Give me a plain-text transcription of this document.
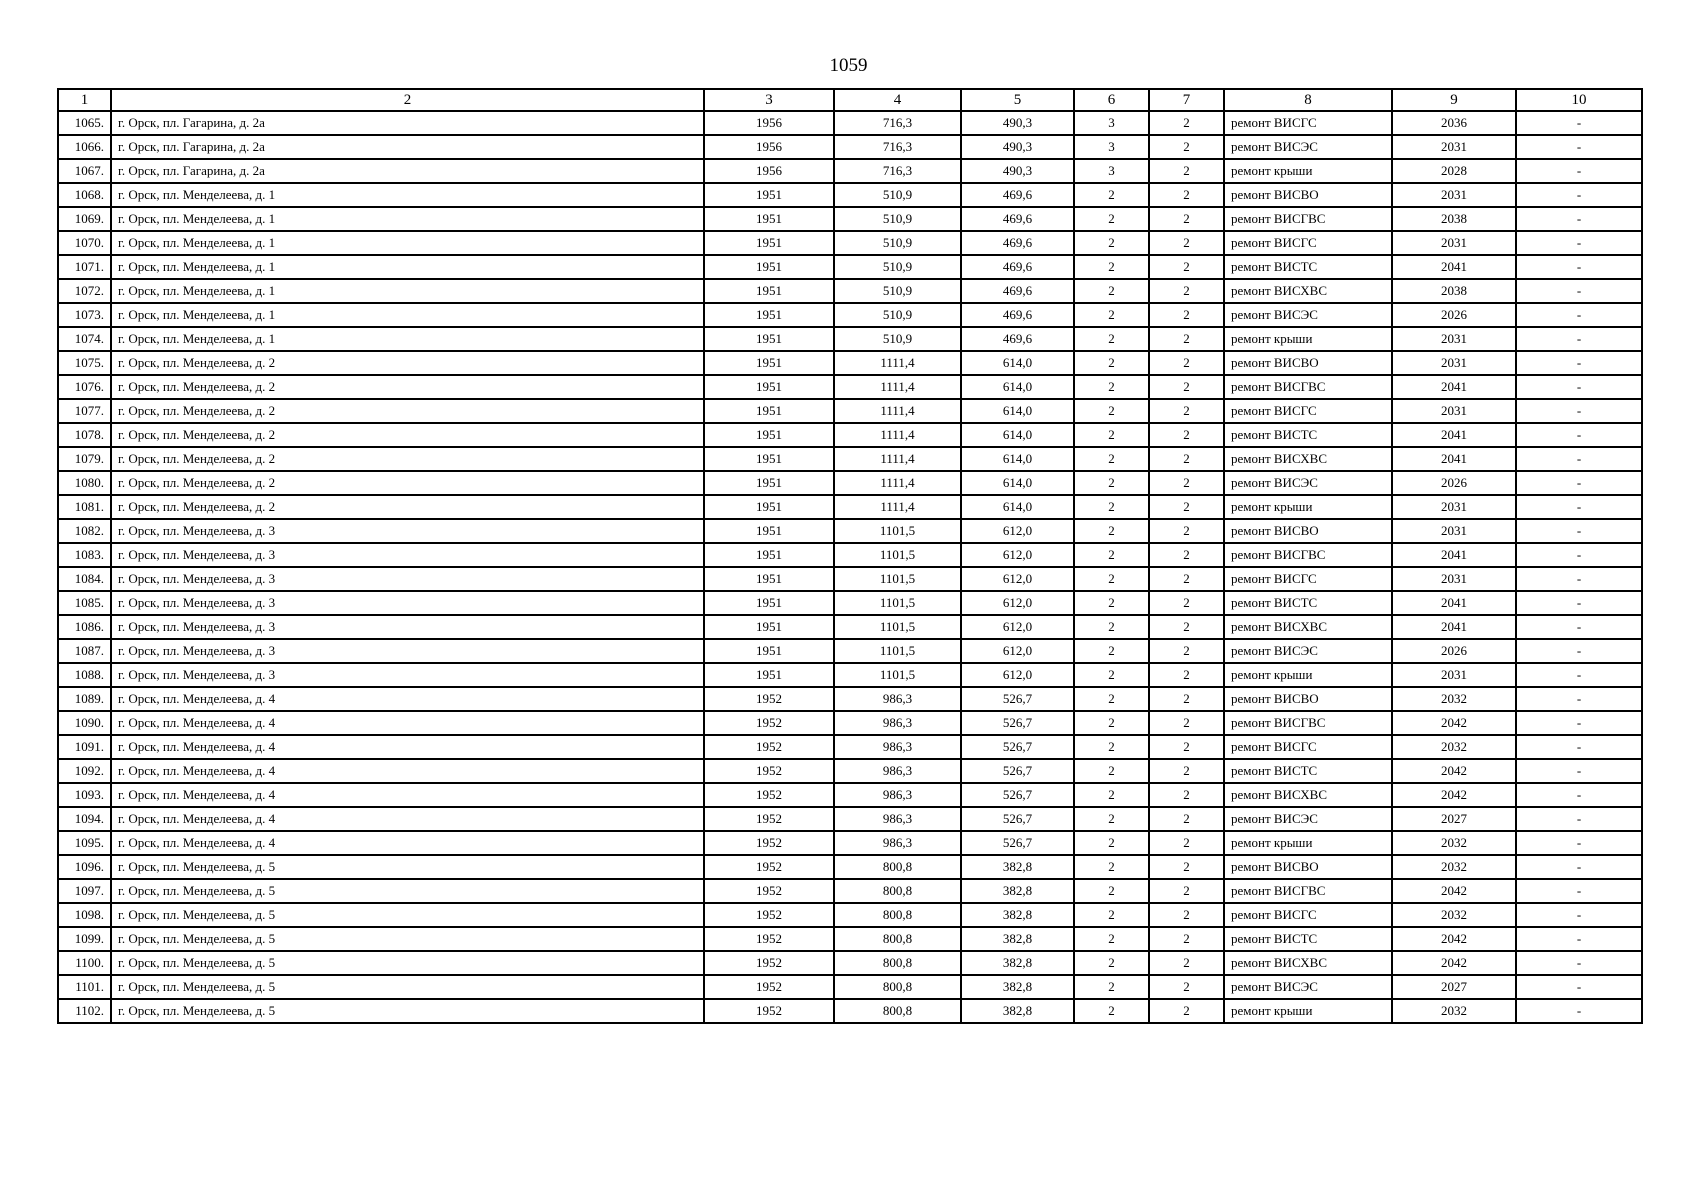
1059
1	2	3	4	5	6	7	8	9	10
1065.	г. Орск, пл. Гагарина, д. 2а	1956	716,3	490,3	3	2	ремонт ВИСГС	2036	-
1066.	г. Орск, пл. Гагарина, д. 2а	1956	716,3	490,3	3	2	ремонт ВИСЭС	2031	-
1067.	г. Орск, пл. Гагарина, д. 2а	1956	716,3	490,3	3	2	ремонт крыши	2028	-
1068.	г. Орск, пл. Менделеева, д. 1	1951	510,9	469,6	2	2	ремонт ВИСВО	2031	-
1069.	г. Орск, пл. Менделеева, д. 1	1951	510,9	469,6	2	2	ремонт ВИСГВС	2038	-
1070.	г. Орск, пл. Менделеева, д. 1	1951	510,9	469,6	2	2	ремонт ВИСГС	2031	-
1071.	г. Орск, пл. Менделеева, д. 1	1951	510,9	469,6	2	2	ремонт ВИСТС	2041	-
1072.	г. Орск, пл. Менделеева, д. 1	1951	510,9	469,6	2	2	ремонт ВИСХВС	2038	-
1073.	г. Орск, пл. Менделеева, д. 1	1951	510,9	469,6	2	2	ремонт ВИСЭС	2026	-
1074.	г. Орск, пл. Менделеева, д. 1	1951	510,9	469,6	2	2	ремонт крыши	2031	-
1075.	г. Орск, пл. Менделеева, д. 2	1951	1111,4	614,0	2	2	ремонт ВИСВО	2031	-
1076.	г. Орск, пл. Менделеева, д. 2	1951	1111,4	614,0	2	2	ремонт ВИСГВС	2041	-
1077.	г. Орск, пл. Менделеева, д. 2	1951	1111,4	614,0	2	2	ремонт ВИСГС	2031	-
1078.	г. Орск, пл. Менделеева, д. 2	1951	1111,4	614,0	2	2	ремонт ВИСТС	2041	-
1079.	г. Орск, пл. Менделеева, д. 2	1951	1111,4	614,0	2	2	ремонт ВИСХВС	2041	-
1080.	г. Орск, пл. Менделеева, д. 2	1951	1111,4	614,0	2	2	ремонт ВИСЭС	2026	-
1081.	г. Орск, пл. Менделеева, д. 2	1951	1111,4	614,0	2	2	ремонт крыши	2031	-
1082.	г. Орск, пл. Менделеева, д. 3	1951	1101,5	612,0	2	2	ремонт ВИСВО	2031	-
1083.	г. Орск, пл. Менделеева, д. 3	1951	1101,5	612,0	2	2	ремонт ВИСГВС	2041	-
1084.	г. Орск, пл. Менделеева, д. 3	1951	1101,5	612,0	2	2	ремонт ВИСГС	2031	-
1085.	г. Орск, пл. Менделеева, д. 3	1951	1101,5	612,0	2	2	ремонт ВИСТС	2041	-
1086.	г. Орск, пл. Менделеева, д. 3	1951	1101,5	612,0	2	2	ремонт ВИСХВС	2041	-
1087.	г. Орск, пл. Менделеева, д. 3	1951	1101,5	612,0	2	2	ремонт ВИСЭС	2026	-
1088.	г. Орск, пл. Менделеева, д. 3	1951	1101,5	612,0	2	2	ремонт крыши	2031	-
1089.	г. Орск, пл. Менделеева, д. 4	1952	986,3	526,7	2	2	ремонт ВИСВО	2032	-
1090.	г. Орск, пл. Менделеева, д. 4	1952	986,3	526,7	2	2	ремонт ВИСГВС	2042	-
1091.	г. Орск, пл. Менделеева, д. 4	1952	986,3	526,7	2	2	ремонт ВИСГС	2032	-
1092.	г. Орск, пл. Менделеева, д. 4	1952	986,3	526,7	2	2	ремонт ВИСТС	2042	-
1093.	г. Орск, пл. Менделеева, д. 4	1952	986,3	526,7	2	2	ремонт ВИСХВС	2042	-
1094.	г. Орск, пл. Менделеева, д. 4	1952	986,3	526,7	2	2	ремонт ВИСЭС	2027	-
1095.	г. Орск, пл. Менделеева, д. 4	1952	986,3	526,7	2	2	ремонт крыши	2032	-
1096.	г. Орск, пл. Менделеева, д. 5	1952	800,8	382,8	2	2	ремонт ВИСВО	2032	-
1097.	г. Орск, пл. Менделеева, д. 5	1952	800,8	382,8	2	2	ремонт ВИСГВС	2042	-
1098.	г. Орск, пл. Менделеева, д. 5	1952	800,8	382,8	2	2	ремонт ВИСГС	2032	-
1099.	г. Орск, пл. Менделеева, д. 5	1952	800,8	382,8	2	2	ремонт ВИСТС	2042	-
1100.	г. Орск, пл. Менделеева, д. 5	1952	800,8	382,8	2	2	ремонт ВИСХВС	2042	-
1101.	г. Орск, пл. Менделеева, д. 5	1952	800,8	382,8	2	2	ремонт ВИСЭС	2027	-
1102.	г. Орск, пл. Менделеева, д. 5	1952	800,8	382,8	2	2	ремонт крыши	2032	-
